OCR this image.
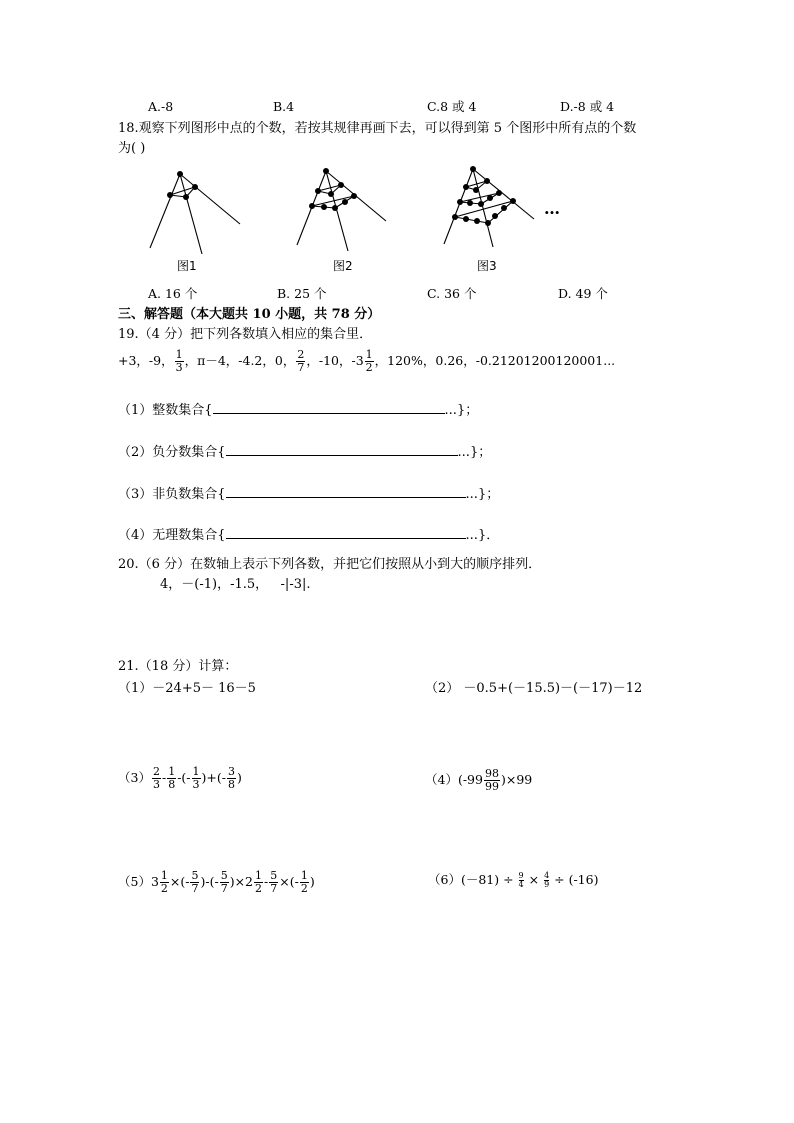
A.-8	B.4	C.8 或 4	D.-8 或 4
18.观察下列图形中点的个数，若按其规律再画下去，可以得到第 5 个图形中所有点的个数
为( )
…
图1	图2	图3
A. 16 个	B. 25 个	C. 36 个	D. 49 个
三、解答题（本大题共 10 小题，共 78 分）
19.（4 分）把下列各数填入相应的集合里．
+3，-9， $\frac{1}{3}$ ，π－4，-4.2，0， $\frac{2}{7}$ ，-10，$-3 \frac{1}{2}$ ，120%，0.26，-0.21201200120001...
（1）整数集合{	...}；
（2）负分数集合{	...}；
（3）非负数集合{	...}；
（4）无理数集合{	...}．
20.（6 分）在数轴上表示下列各数，并把它们按照从小到大的顺序排列．
4，－(-1)，-1.5，   -|-3|.
21.（18 分）计算：
（1）－24+5－ 16－5	（2） －0.5+(－15.5)－(－17)－12
$(3) \frac{2}{3} - \frac{1}{8}$ -(- $\frac{1}{3}$ )+(- $\frac{3}{8}$ )	（4） $(-99 \frac{98}{99} )\times 99$
（5） $3 \frac{1}{2}$ ×(- $\frac{5}{7}$ )-(- $\frac{5}{7} )\times 2 \frac{1}{2} - \frac{5}{7}$ ×(- $\frac{1}{2}$ )	$(6)(-81) \div \frac{9}{4} \times \frac{4}{9} \div (-16)$
